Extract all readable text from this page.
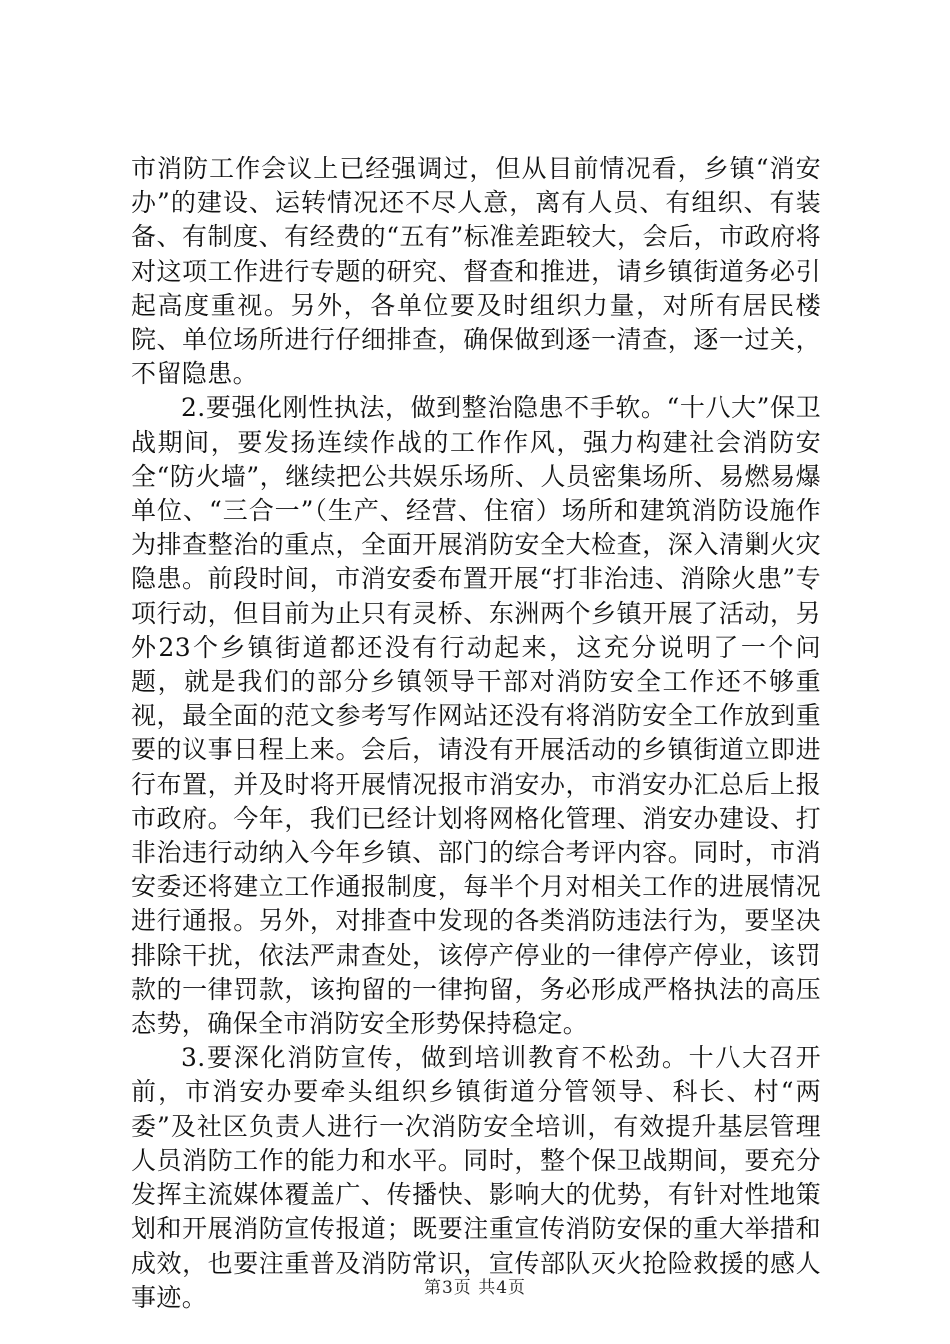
市消防工作会议上已经强调过，但从目前情况看，乡镇“消安办”的建设、运转情况还不尽人意，离有人员、有组织、有装备、有制度、有经费的“五有”标准差距较大，会后，市政府将对这项工作进行专题的研究、督查和推进，请乡镇街道务必引起高度重视。另外，各单位要及时组织力量，对所有居民楼院、单位场所进行仔细排查，确保做到逐一清查，逐一过关，不留隐患。

2.要强化刚性执法，做到整治隐患不手软。“十八大”保卫战期间，要发扬连续作战的工作作风，强力构建社会消防安全“防火墙”，继续把公共娱乐场所、人员密集场所、易燃易爆单位、“三合一”（生产、经营、住宿）场所和建筑消防设施作为排查整治的重点，全面开展消防安全大检查，深入清剿火灾隐患。前段时间，市消安委布置开展“打非治违、消除火患”专项行动，但目前为止只有灵桥、东洲两个乡镇开展了活动，另外23个乡镇街道都还没有行动起来，这充分说明了一个问题，就是我们的部分乡镇领导干部对消防安全工作还不够重视，最全面的范文参考写作网站还没有将消防安全工作放到重要的议事日程上来。会后，请没有开展活动的乡镇街道立即进行布置，并及时将开展情况报市消安办，市消安办汇总后上报市政府。今年，我们已经计划将网格化管理、消安办建设、打非治违行动纳入今年乡镇、部门的综合考评内容。同时，市消安委还将建立工作通报制度，每半个月对相关工作的进展情况进行通报。另外，对排查中发现的各类消防违法行为，要坚决排除干扰，依法严肃查处，该停产停业的一律停产停业，该罚款的一律罚款，该拘留的一律拘留，务必形成严格执法的高压态势，确保全市消防安全形势保持稳定。

3.要深化消防宣传，做到培训教育不松劲。十八大召开前，市消安办要牵头组织乡镇街道分管领导、科长、村“两委”及社区负责人进行一次消防安全培训，有效提升基层管理人员消防工作的能力和水平。同时，整个保卫战期间，要充分发挥主流媒体覆盖广、传播快、影响大的优势，有针对性地策划和开展消防宣传报道；既要注重宣传消防安保的重大举措和成效，也要注重普及消防常识，宣传部队灭火抢险救援的感人事迹。	第3页 共4页
